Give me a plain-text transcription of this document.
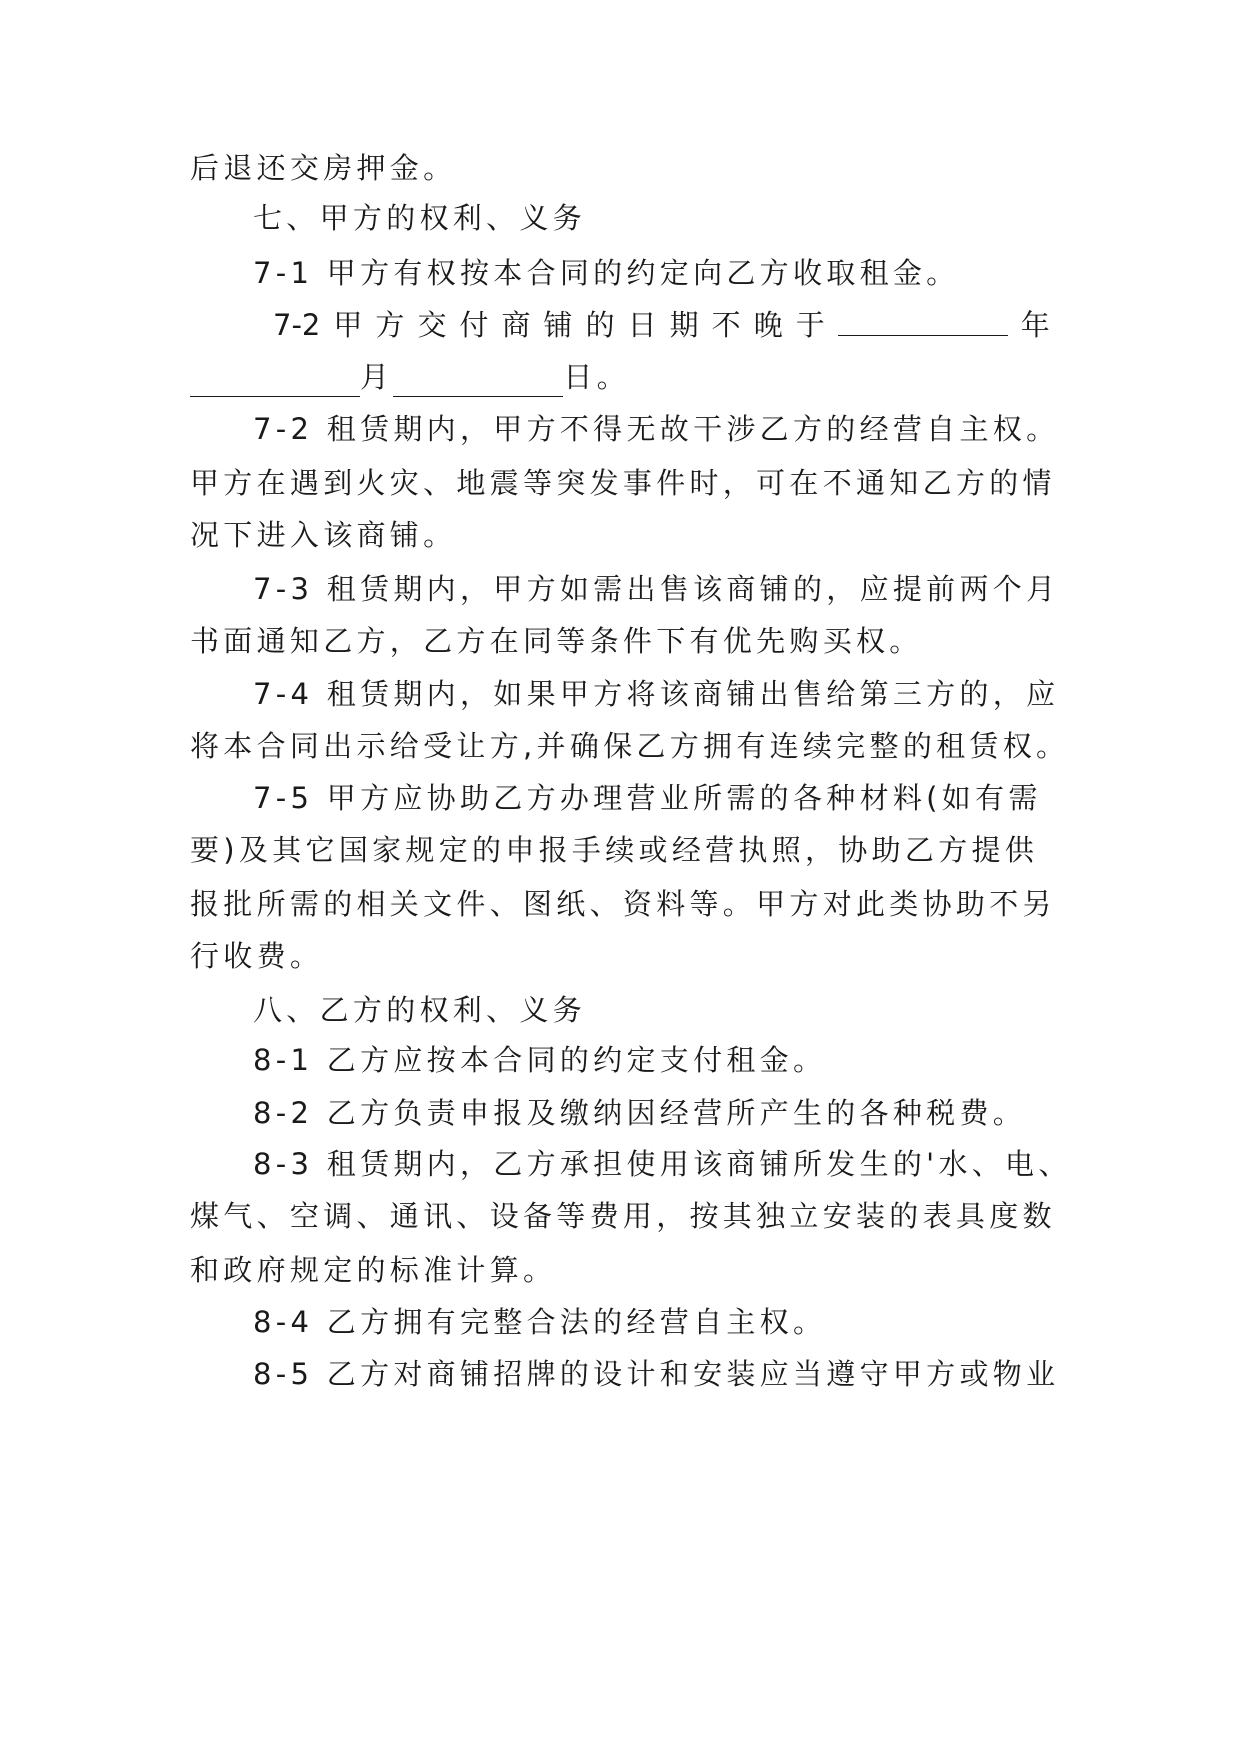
后退还交房押金。
七、甲方的权利、义务
7-1 甲方有权按本合同的约定向乙方收取租金。
7-2 甲 方 交 付 商 铺 的 日 期 不 晚 于	年
月	日。
7-2 租赁期内，甲方不得无故干涉乙方的经营自主权。
甲方在遇到火灾、地震等突发事件时，可在不通知乙方的情
况下进入该商铺。
7-3 租赁期内，甲方如需出售该商铺的，应提前两个月
书面通知乙方，乙方在同等条件下有优先购买权。
7-4 租赁期内，如果甲方将该商铺出售给第三方的，应
将本合同出示给受让方,并确保乙方拥有连续完整的租赁权。
7-5 甲方应协助乙方办理营业所需的各种材料(如有需
要)及其它国家规定的申报手续或经营执照，协助乙方提供
报批所需的相关文件、图纸、资料等。甲方对此类协助不另
行收费。
八、乙方的权利、义务
8-1 乙方应按本合同的约定支付租金。
8-2 乙方负责申报及缴纳因经营所产生的各种税费。
8-3 租赁期内，乙方承担使用该商铺所发生的'水、电、
煤气、空调、通讯、设备等费用，按其独立安装的表具度数
和政府规定的标准计算。
8-4 乙方拥有完整合法的经营自主权。
8-5 乙方对商铺招牌的设计和安装应当遵守甲方或物业
